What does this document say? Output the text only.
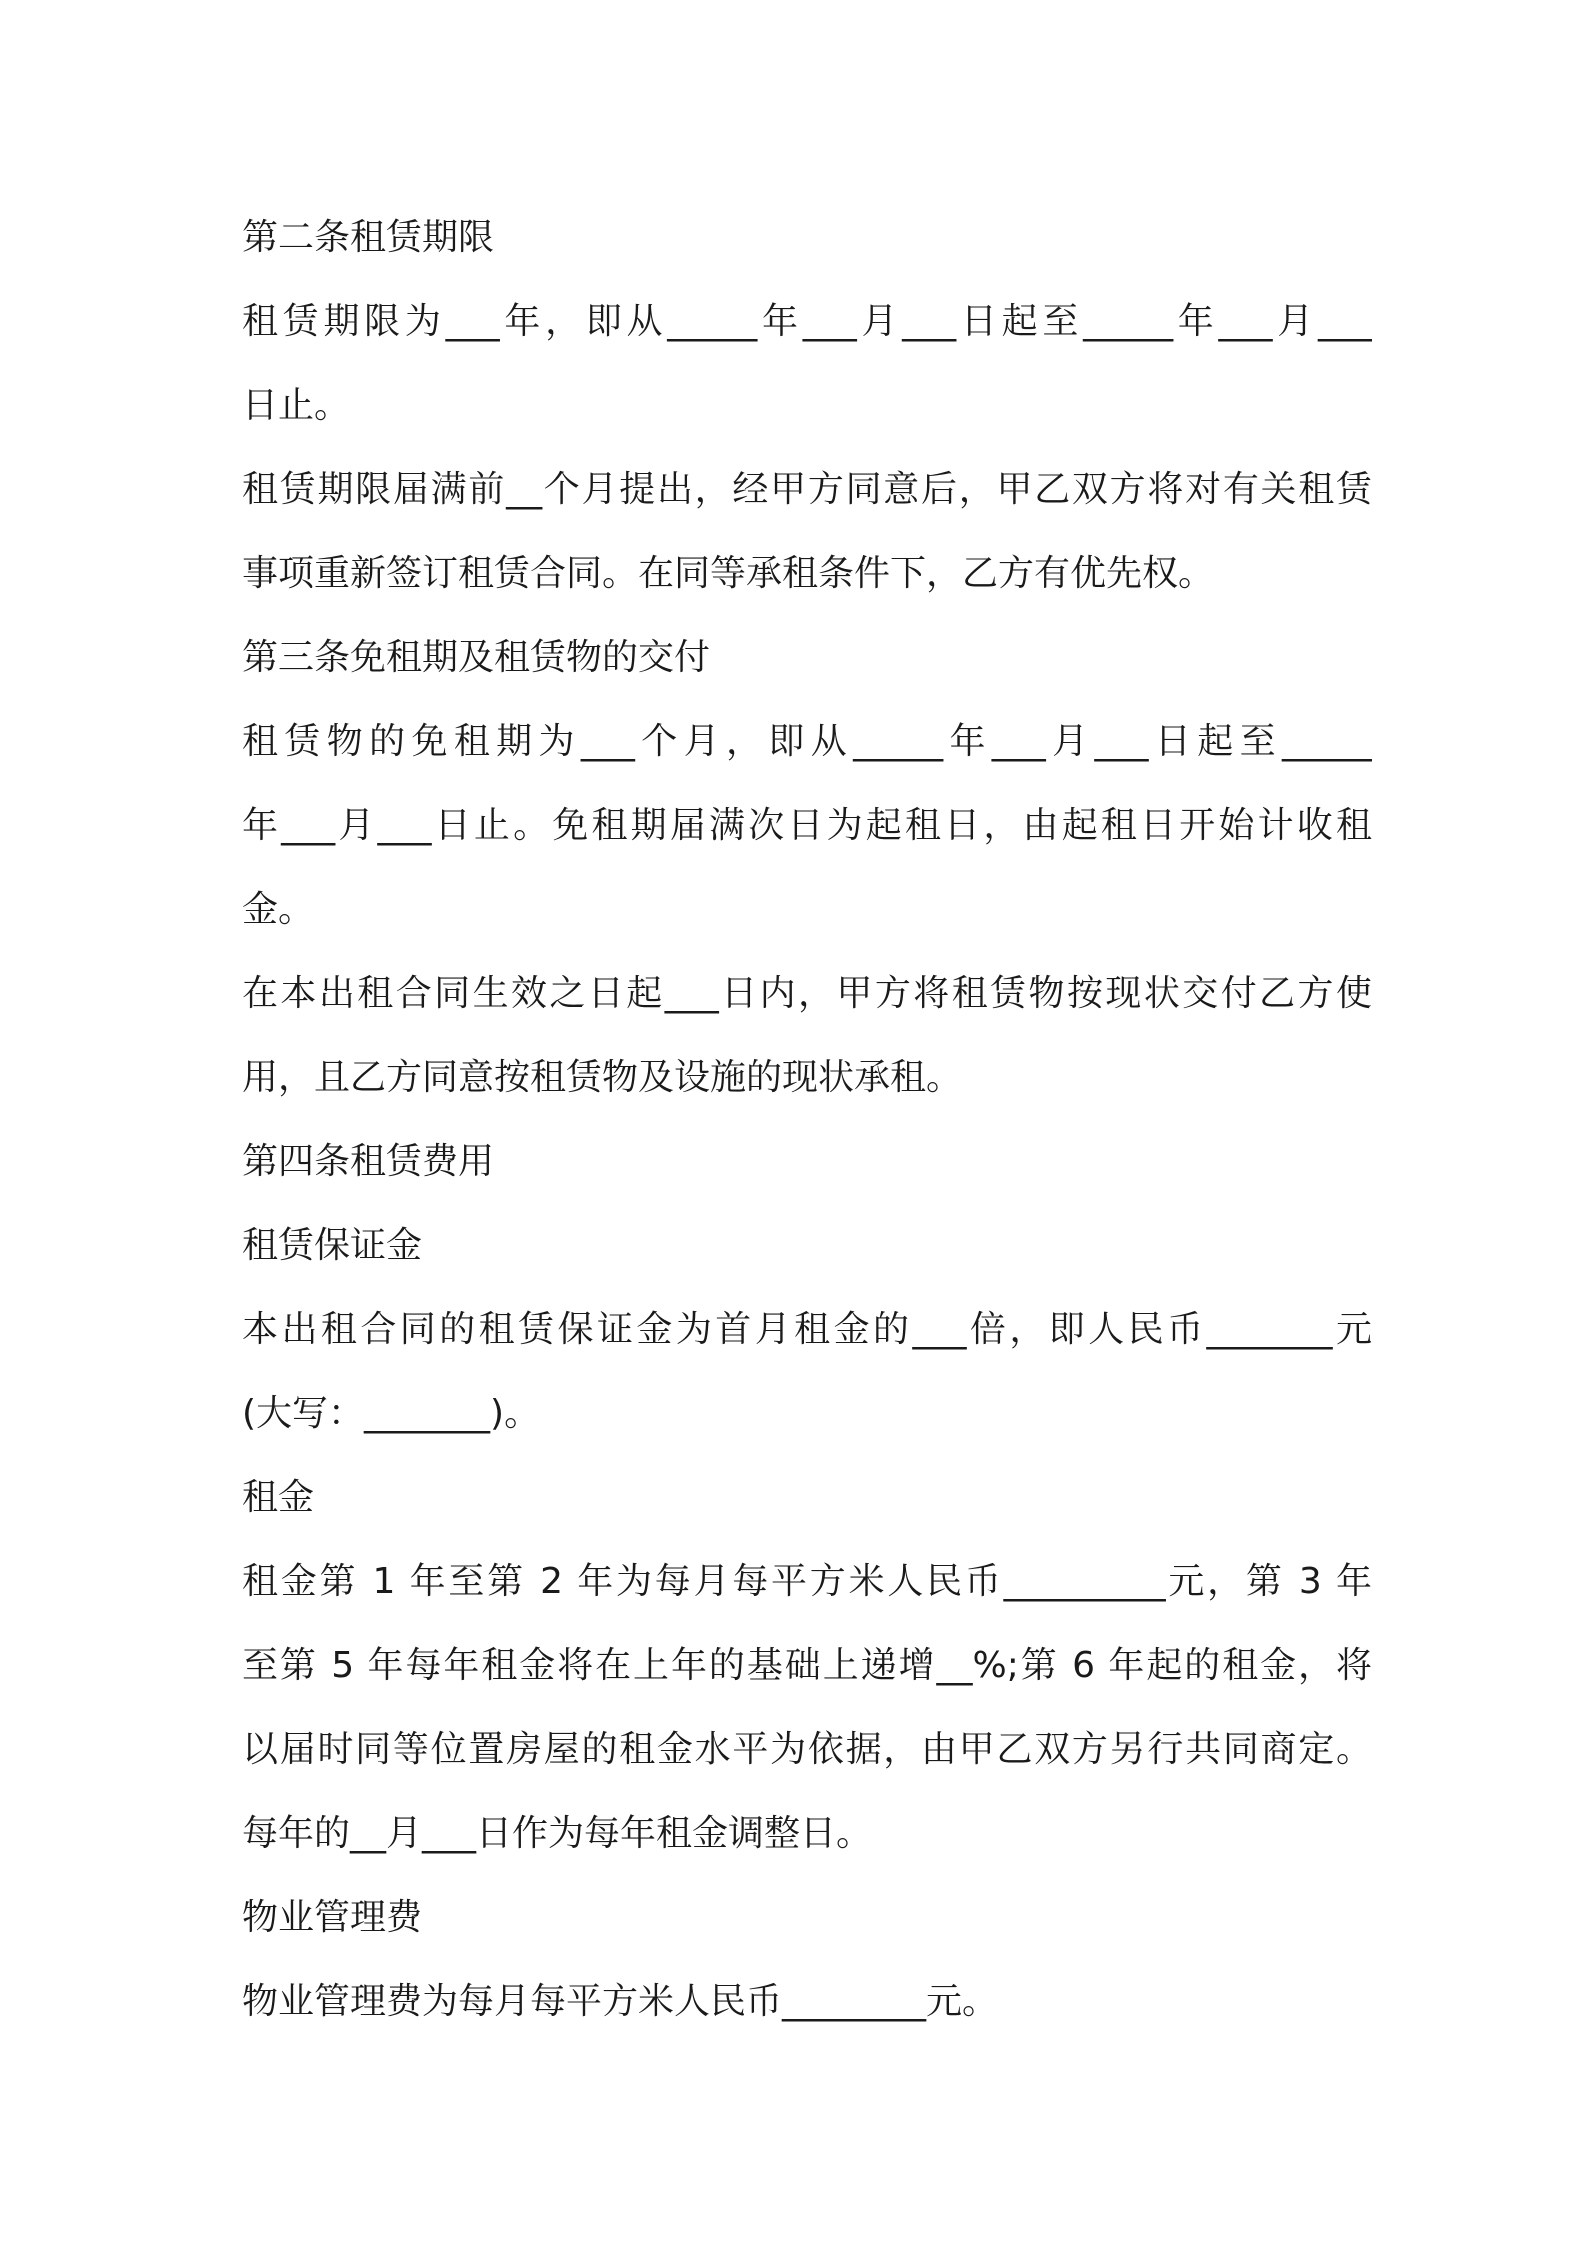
第二条租赁期限
租赁期限为___年，即从_____年___月___日起至_____年___月___
日止。
租赁期限届满前__个月提出，经甲方同意后，甲乙双方将对有关租赁
事项重新签订租赁合同。在同等承租条件下，乙方有优先权。
第三条免租期及租赁物的交付
租赁物的免租期为___个月，即从_____年___月___日起至_____
年___月___日止。免租期届满次日为起租日，由起租日开始计收租
金。
在本出租合同生效之日起___日内，甲方将租赁物按现状交付乙方使
用，且乙方同意按租赁物及设施的现状承租。
第四条租赁费用
租赁保证金
本出租合同的租赁保证金为首月租金的___倍，即人民币_______元
(大写：_______)。
租金
租金第 1 年至第 2 年为每月每平方米人民币_________元，第 3 年
至第 5 年每年租金将在上年的基础上递增__%;第 6 年起的租金，将
以届时同等位置房屋的租金水平为依据，由甲乙双方另行共同商定。
每年的__月___日作为每年租金调整日。
物业管理费
物业管理费为每月每平方米人民币________元。
